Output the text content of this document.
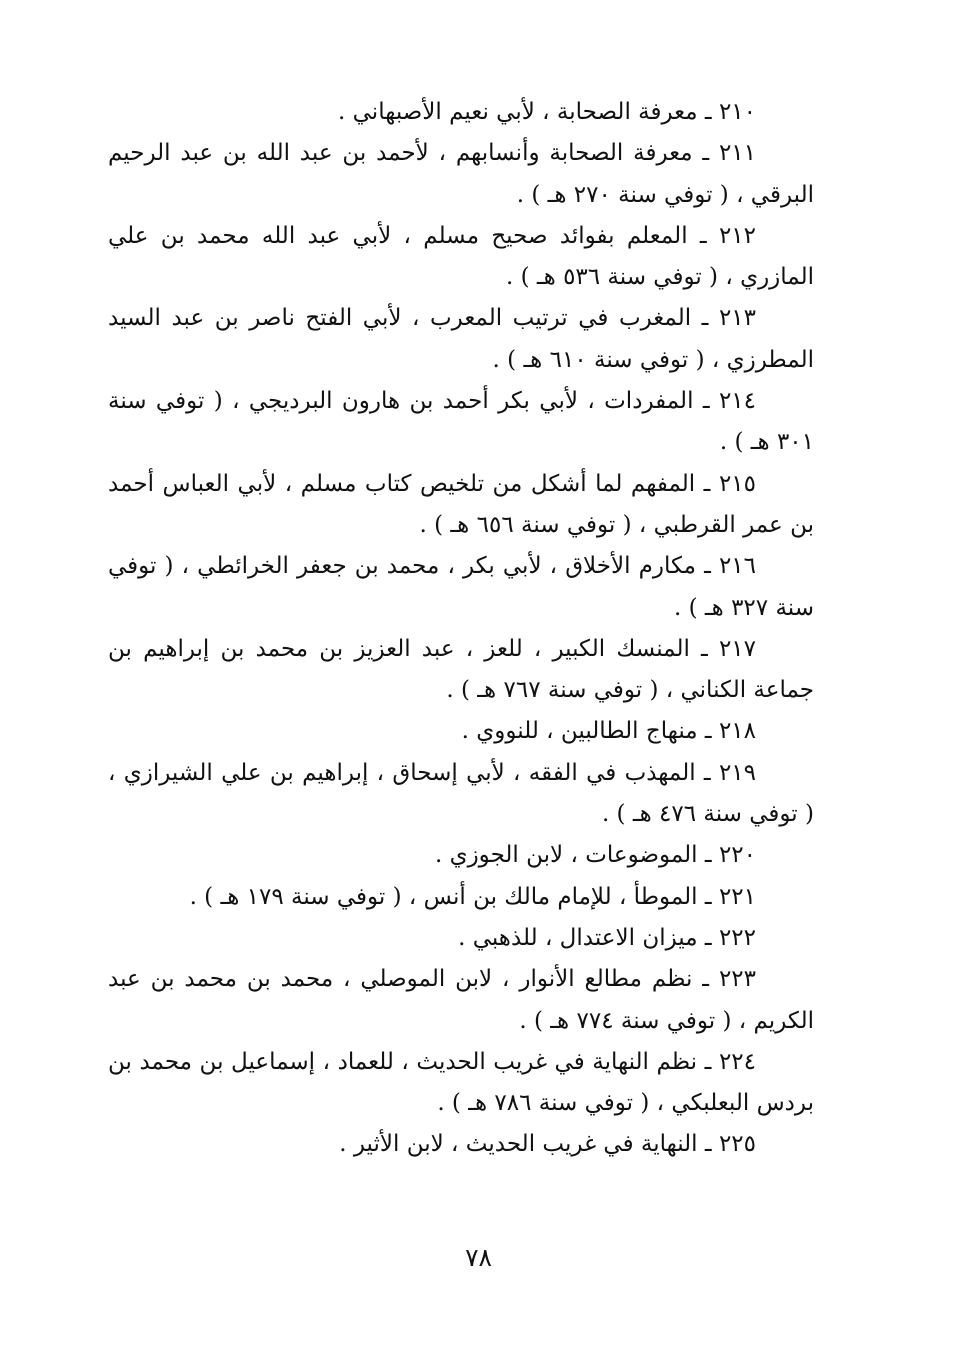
٢١٠ ـ معرفة الصحابة ، لأبي نعيم الأصبهاني .

٢١١ ـ معرفة الصحابة وأنسابهم ، لأحمد بن عبد الله بن عبد الرحيم البرقي ، ( توفي سنة ٢٧٠ هـ ) .

٢١٢ ـ المعلم بفوائد صحيح مسلم ، لأبي عبد الله محمد بن علي المازري ، ( توفي سنة ٥٣٦ هـ ) .

٢١٣ ـ المغرب في ترتيب المعرب ، لأبي الفتح ناصر بن عبد السيد المطرزي ، ( توفي سنة ٦١٠ هـ ) .

٢١٤ ـ المفردات ، لأبي بكر أحمد بن هارون البرديجي ، ( توفي سنة ٣٠١ هـ ) .

٢١٥ ـ المفهم لما أشكل من تلخيص كتاب مسلم ، لأبي العباس أحمد بن عمر القرطبي ، ( توفي سنة ٦٥٦ هـ ) .

٢١٦ ـ مكارم الأخلاق ، لأبي بكر ، محمد بن جعفر الخرائطي ، ( توفي سنة ٣٢٧ هـ ) .

٢١٧ ـ المنسك الكبير ، للعز ، عبد العزيز بن محمد بن إبراهيم بن جماعة الكناني ، ( توفي سنة ٧٦٧ هـ ) .

٢١٨ ـ منهاج الطالبين ، للنووي .

٢١٩ ـ المهذب في الفقه ، لأبي إسحاق ، إبراهيم بن علي الشيرازي ، ( توفي سنة ٤٧٦ هـ ) .

٢٢٠ ـ الموضوعات ، لابن الجوزي .

٢٢١ ـ الموطأ ، للإمام مالك بن أنس ، ( توفي سنة ١٧٩ هـ ) .

٢٢٢ ـ ميزان الاعتدال ، للذهبي .

٢٢٣ ـ نظم مطالع الأنوار ، لابن الموصلي ، محمد بن محمد بن عبد الكريم ، ( توفي سنة ٧٧٤ هـ ) .

٢٢٤ ـ نظم النهاية في غريب الحديث ، للعماد ، إسماعيل بن محمد بن بردس البعلبكي ، ( توفي سنة ٧٨٦ هـ ) .

٢٢٥ ـ النهاية في غريب الحديث ، لابن الأثير .

٧٨
